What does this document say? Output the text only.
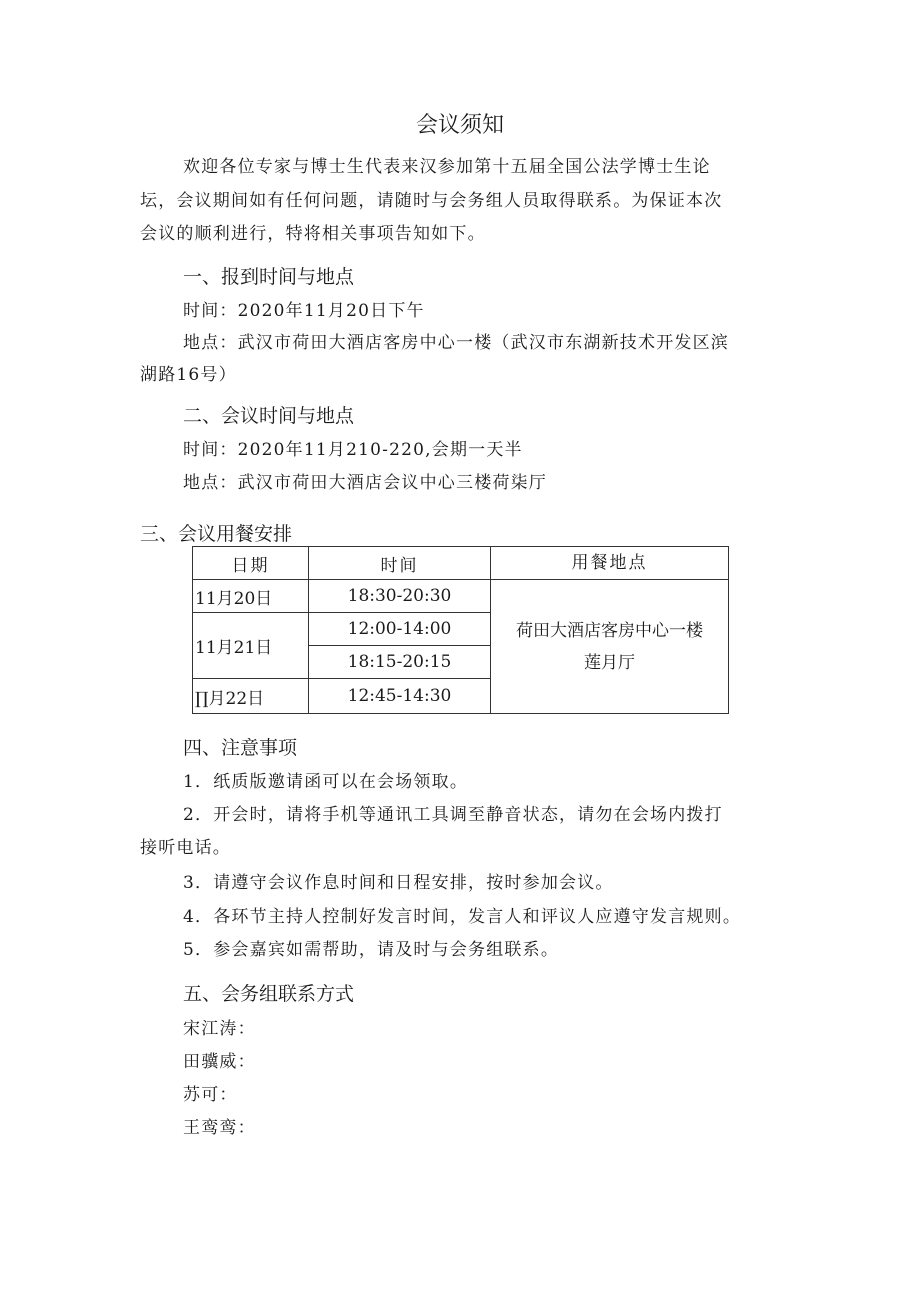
会议须知
欢迎各位专家与博士生代表来汉参加第十五届全国公法学博士生论
坛，会议期间如有任何问题，请随时与会务组人员取得联系。为保证本次
会议的顺利进行，特将相关事项告知如下。
一、报到时间与地点
时间：2020年11月20日下午
地点：武汉市荷田大酒店客房中心一楼（武汉市东湖新技术开发区滨
湖路16号）
二、会议时间与地点
时间：2020年11月210-220,会期一天半
地点：武汉市荷田大酒店会议中心三楼荷柒厅
三、会议用餐安排
日期	时间	用餐地点
11月20日	18:30-20:30	荷田大酒店客房中心一楼
莲月厅

11月21日	12:00-14:00	
	18:15-20:15	
∏月22日	12:45-14:30	
四、注意事项
1．纸质版邀请函可以在会场领取。
2．开会时，请将手机等通讯工具调至静音状态，请勿在会场内拨打
接听电话。
3．请遵守会议作息时间和日程安排，按时参加会议。
4．各环节主持人控制好发言时间，发言人和评议人应遵守发言规则。
5．参会嘉宾如需帮助，请及时与会务组联系。
五、会务组联系方式
宋江涛：
田骥威：
苏可：
王鸾鸾：
